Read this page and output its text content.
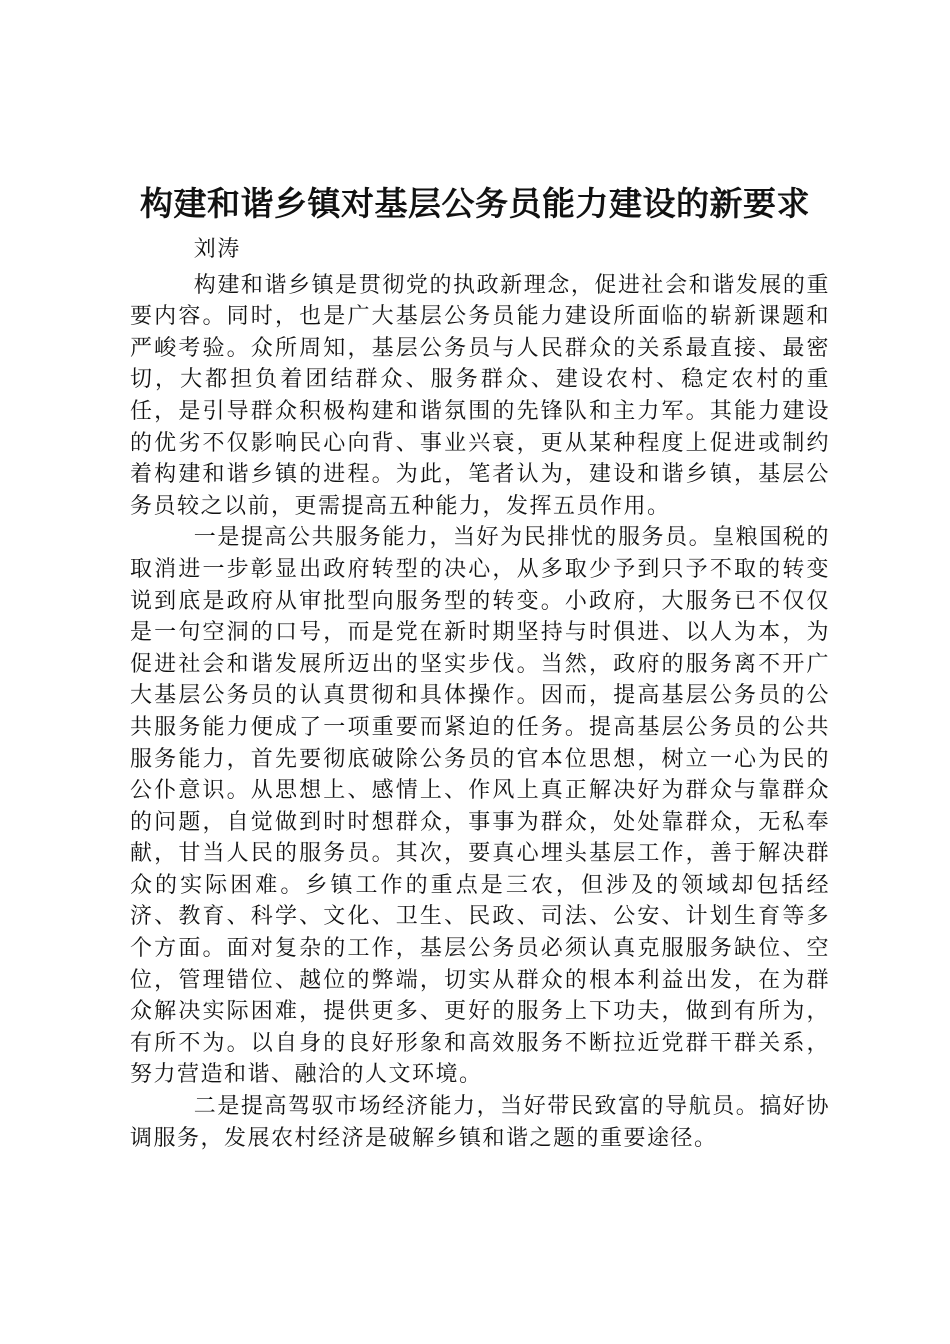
构建和谐乡镇对基层公务员能力建设的新要求
刘涛

构建和谐乡镇是贯彻党的执政新理念，促进社会和谐发展的重要内容。同时，也是广大基层公务员能力建设所面临的崭新课题和严峻考验。众所周知，基层公务员与人民群众的关系最直接、最密切，大都担负着团结群众、服务群众、建设农村、稳定农村的重任，是引导群众积极构建和谐氛围的先锋队和主力军。其能力建设的优劣不仅影响民心向背、事业兴衰，更从某种程度上促进或制约着构建和谐乡镇的进程。为此，笔者认为，建设和谐乡镇，基层公务员较之以前，更需提高五种能力，发挥五员作用。

一是提高公共服务能力，当好为民排忧的服务员。皇粮国税的取消进一步彰显出政府转型的决心，从多取少予到只予不取的转变说到底是政府从审批型向服务型的转变。小政府，大服务已不仅仅是一句空洞的口号，而是党在新时期坚持与时俱进、以人为本，为促进社会和谐发展所迈出的坚实步伐。当然，政府的服务离不开广大基层公务员的认真贯彻和具体操作。因而，提高基层公务员的公共服务能力便成了一项重要而紧迫的任务。提高基层公务员的公共服务能力，首先要彻底破除公务员的官本位思想，树立一心为民的公仆意识。从思想上、感情上、作风上真正解决好为群众与靠群众的问题，自觉做到时时想群众，事事为群众，处处靠群众，无私奉献，甘当人民的服务员。其次，要真心埋头基层工作，善于解决群众的实际困难。乡镇工作的重点是三农，但涉及的领域却包括经济、教育、科学、文化、卫生、民政、司法、公安、计划生育等多个方面。面对复杂的工作，基层公务员必须认真克服服务缺位、空位，管理错位、越位的弊端，切实从群众的根本利益出发，在为群众解决实际困难，提供更多、更好的服务上下功夫，做到有所为，有所不为。以自身的良好形象和高效服务不断拉近党群干群关系，努力营造和谐、融洽的人文环境。

二是提高驾驭市场经济能力，当好带民致富的导航员。搞好协调服务，发展农村经济是破解乡镇和谐之题的重要途径。
